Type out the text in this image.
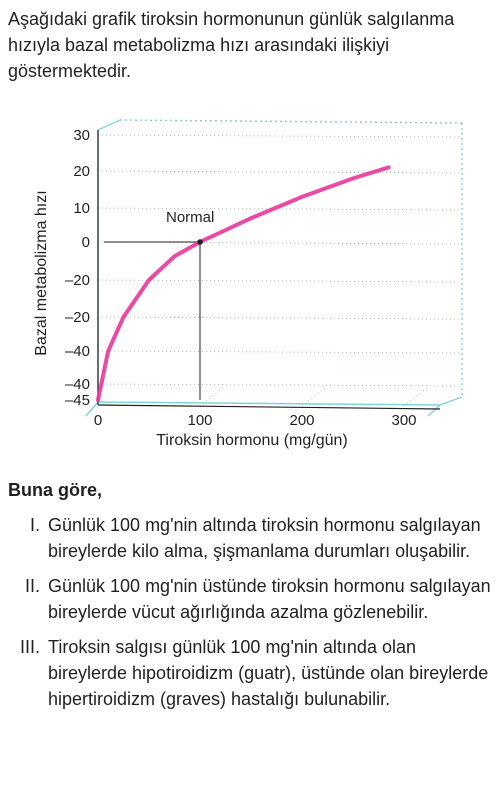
Aşağıdaki grafik tiroksin hormonunun günlük salgılanma hızıyla bazal metabolizma hızı arasındaki ilişkiyi göstermektedir.

30
20
10
0
–20
–20
–40
–40
–45
0	100	200	300
Normal
Tiroksin hormonu (mg/gün)
Bazal metabolizma hızı

Buna göre,

I. Günlük 100 mg'nin altında tiroksin hormonu salgılayan bireylerde kilo alma, şişmanlama durumları oluşabilir.
II. Günlük 100 mg'nin üstünde tiroksin hormonu salgılayan bireylerde vücut ağırlığında azalma gözlenebilir.
III. Tiroksin salgısı günlük 100 mg'nin altında olan bireylerde hipotiroidizm (guatr), üstünde olan bireylerde hipertiroidizm (graves) hastalığı bulunabilir.
